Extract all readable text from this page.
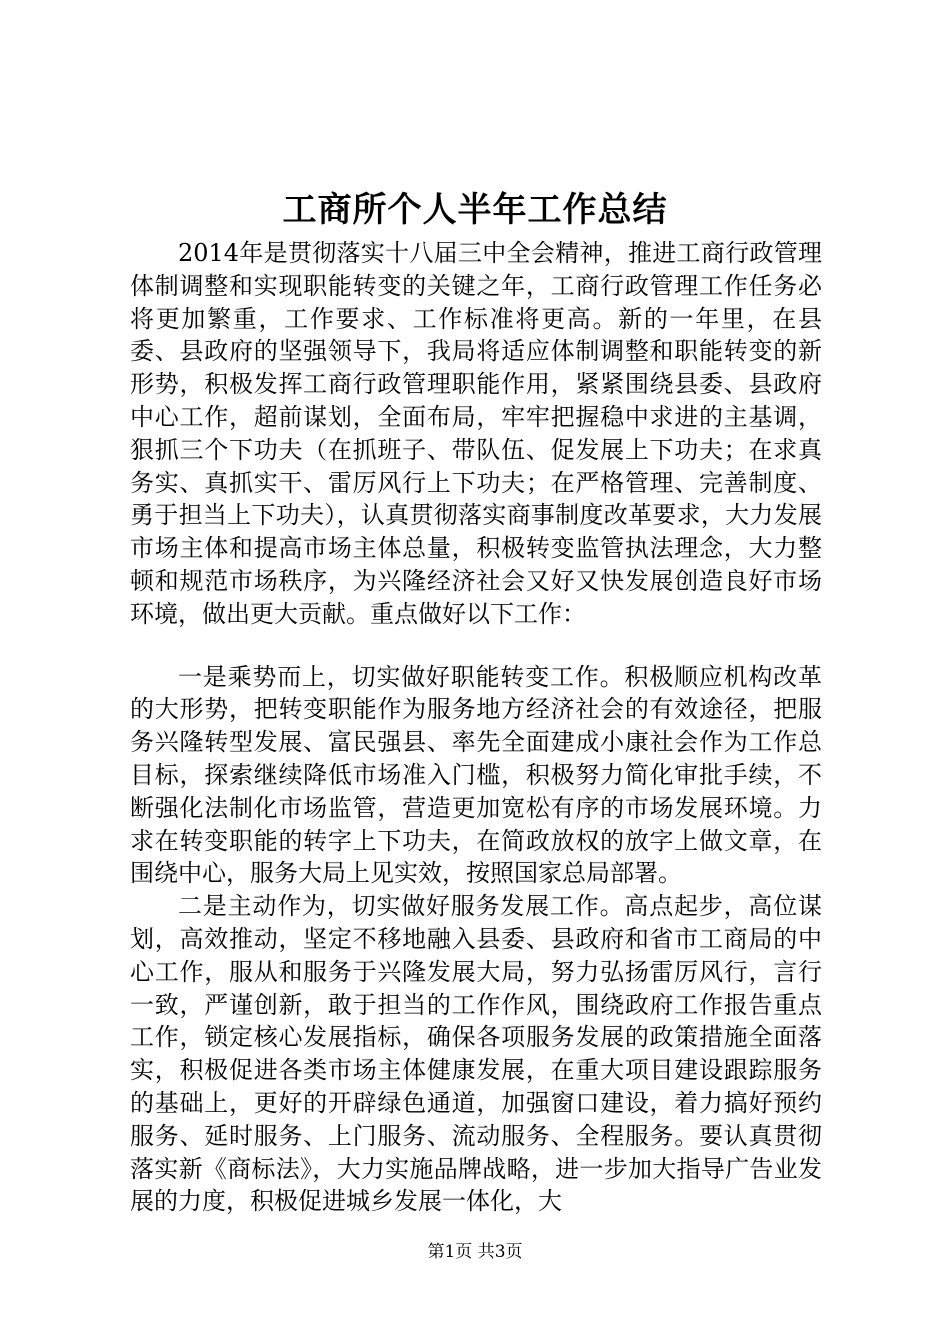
工商所个人半年工作总结

2014年是贯彻落实十八届三中全会精神，推进工商行政管理体制调整和实现职能转变的关键之年，工商行政管理工作任务必将更加繁重，工作要求、工作标准将更高。新的一年里，在县委、县政府的坚强领导下，我局将适应体制调整和职能转变的新形势，积极发挥工商行政管理职能作用，紧紧围绕县委、县政府中心工作，超前谋划，全面布局，牢牢把握稳中求进的主基调，狠抓三个下功夫（在抓班子、带队伍、促发展上下功夫；在求真务实、真抓实干、雷厉风行上下功夫；在严格管理、完善制度、勇于担当上下功夫），认真贯彻落实商事制度改革要求，大力发展市场主体和提高市场主体总量，积极转变监管执法理念，大力整顿和规范市场秩序，为兴隆经济社会又好又快发展创造良好市场环境，做出更大贡献。重点做好以下工作：

一是乘势而上，切实做好职能转变工作。积极顺应机构改革的大形势，把转变职能作为服务地方经济社会的有效途径，把服务兴隆转型发展、富民强县、率先全面建成小康社会作为工作总目标，探索继续降低市场准入门槛，积极努力简化审批手续，不断强化法制化市场监管，营造更加宽松有序的市场发展环境。力求在转变职能的转字上下功夫，在简政放权的放字上做文章，在围绕中心，服务大局上见实效，按照国家总局部署。

二是主动作为，切实做好服务发展工作。高点起步，高位谋划，高效推动，坚定不移地融入县委、县政府和省市工商局的中心工作，服从和服务于兴隆发展大局，努力弘扬雷厉风行，言行一致，严谨创新，敢于担当的工作作风，围绕政府工作报告重点工作，锁定核心发展指标，确保各项服务发展的政策措施全面落实，积极促进各类市场主体健康发展，在重大项目建设跟踪服务的基础上，更好的开辟绿色通道，加强窗口建设，着力搞好预约服务、延时服务、上门服务、流动服务、全程服务。要认真贯彻落实新《商标法》，大力实施品牌战略，进一步加大指导广告业发展的力度，积极促进城乡发展一体化，大

第1页 共3页
